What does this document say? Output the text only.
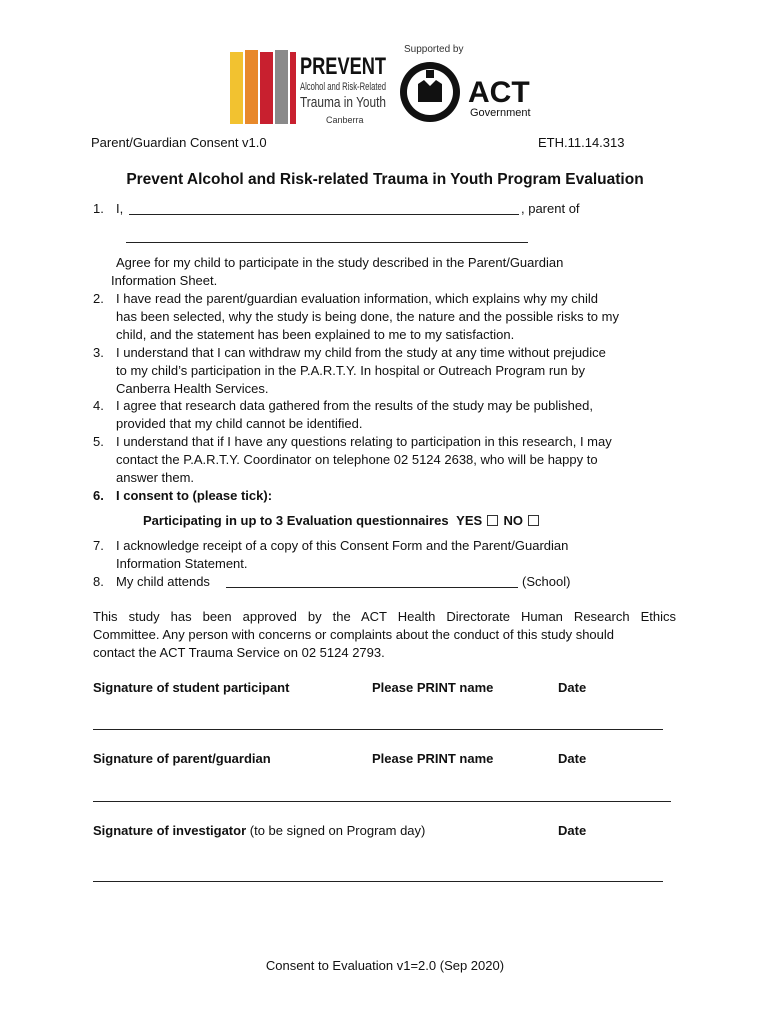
PREVENT
Alcohol and Risk-Related
Trauma in Youth
Canberra
Supported by
ACT
Government
Parent/Guardian Consent v1.0	ETH.11.14.313
Prevent Alcohol and Risk-related Trauma in Youth Program Evaluation
1. I,	, parent of
Agree for my child to participate in the study described in the Parent/Guardian
Information Sheet.
2. I have read the parent/guardian evaluation information, which explains why my child
has been selected, why the study is being done, the nature and the possible risks to my
child, and the statement has been explained to me to my satisfaction.
3. I understand that I can withdraw my child from the study at any time without prejudice
to my child’s participation in the P.A.R.T.Y. In hospital or Outreach Program run by
Canberra Health Services.
4. I agree that research data gathered from the results of the study may be published,
provided that my child cannot be identified.
5. I understand that if I have any questions relating to participation in this research, I may
contact the P.A.R.T.Y. Coordinator on telephone 02 5124 2638, who will be happy to
answer them.
6. I consent to (please tick):
Participating in up to 3 Evaluation questionnaires YES NO
7. I acknowledge receipt of a copy of this Consent Form and the Parent/Guardian
Information Statement.
8. My child attends	(School)
This study has been approved by the ACT Health Directorate Human Research Ethics
Committee. Any person with concerns or complaints about the conduct of this study should
contact the ACT Trauma Service on 02 5124 2793.
Signature of student participant	Please PRINT name	Date
Signature of parent/guardian	Please PRINT name	Date
Signature of investigator (to be signed on Program day)	Date
Consent to Evaluation v1=2.0 (Sep 2020)
